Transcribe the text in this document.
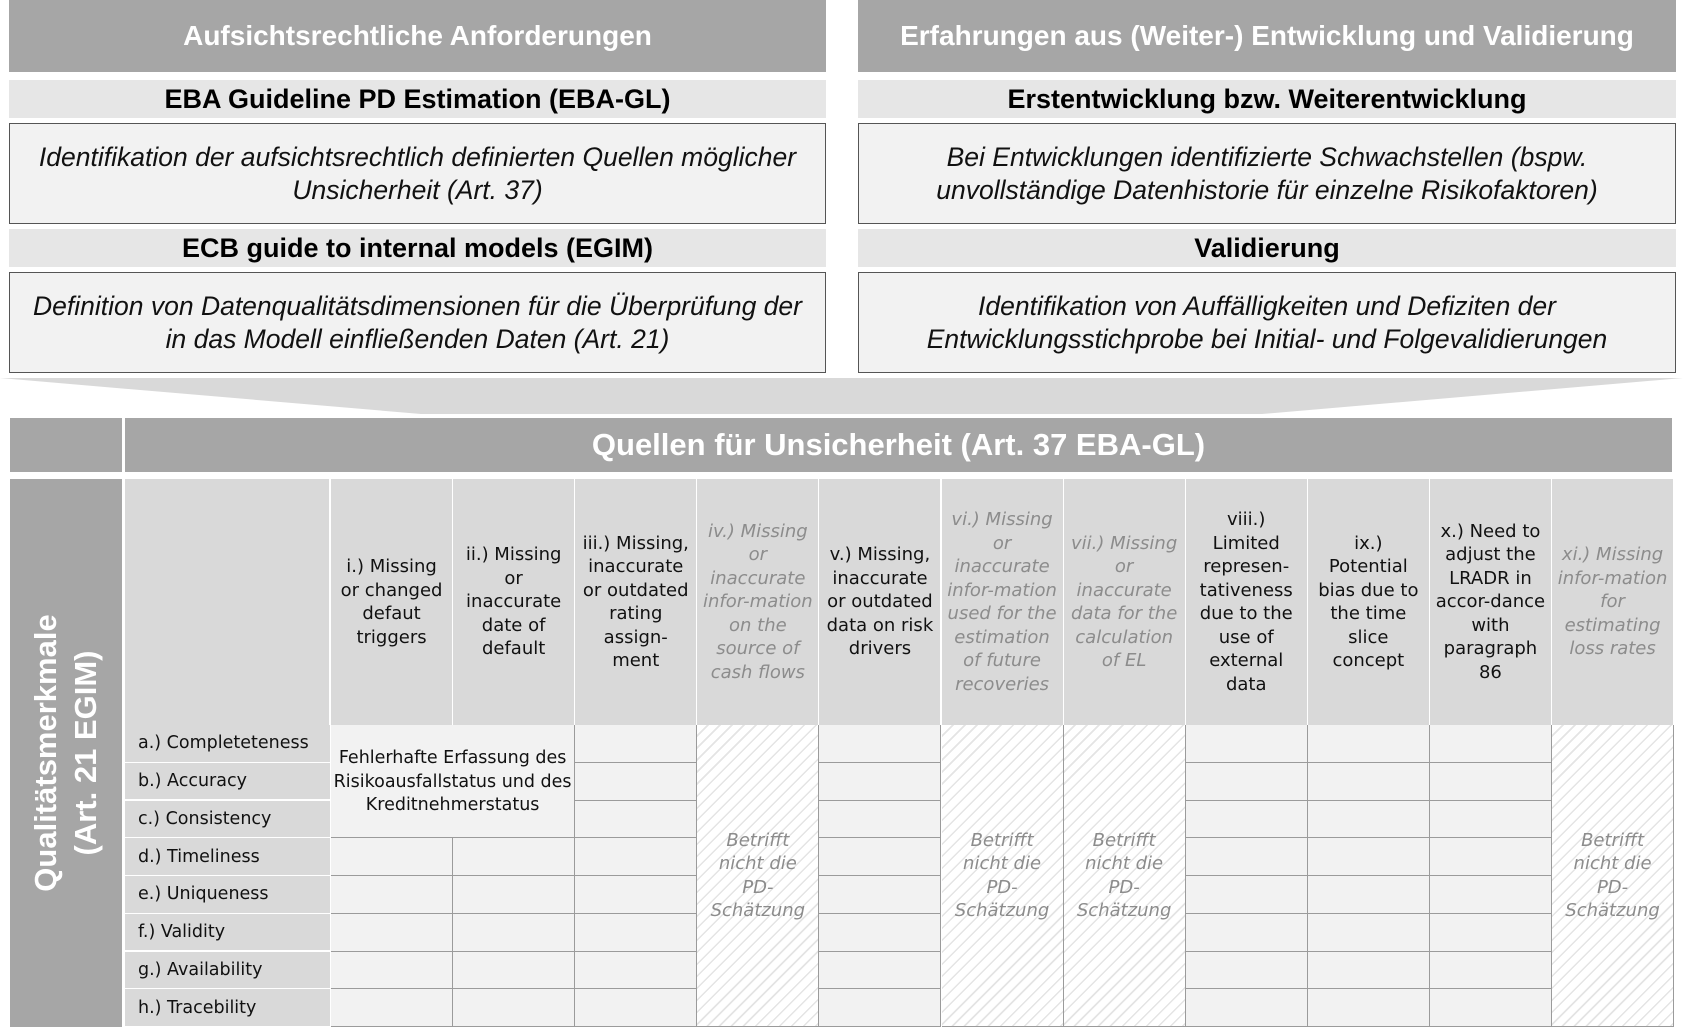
Aufsichtsrechtliche Anforderungen
EBA Guideline PD Estimation (EBA-GL)
Identifikation der aufsichtsrechtlich definierten Quellen möglicher Unsicherheit (Art. 37)
ECB guide to internal models (EGIM)
Definition von Datenqualitätsdimensionen für die Überprüfung der in das Modell einfließenden Daten (Art. 21)
Erfahrungen aus (Weiter-) Entwicklung und Validierung
Erstentwicklung bzw. Weiterentwicklung
Bei Entwicklungen identifizierte Schwachstellen (bspw. unvollständige Datenhistorie für einzelne Risikofaktoren)
Validierung
Identifikation von Auffälligkeiten und Defiziten der Entwicklungsstichprobe bei Initial- und Folgevalidierungen
Quellen für Unsicherheit (Art. 37 EBA-GL)
Qualitätsmerkmale (Art. 21 EGIM)
i.) Missing or changed defaut triggers
ii.) Missing or inaccurate date of default
iii.) Missing, inaccurate or outdated rating assign-ment
iv.) Missing or inaccurate infor-mation on the source of cash flows
v.) Missing, inaccurate or outdated data on risk drivers
vi.) Missing or inaccurate infor-mation used for the estimation of future recoveries
vii.) Missing or inaccurate data for the calculation of EL
viii.) Limited represen-tativeness due to the use of external data
ix.) Potential bias due to the time slice concept
x.) Need to adjust the LRADR in accor-dance with paragraph 86
xi.) Missing infor-mation for estimating loss rates
a.) Completeteness
b.) Accuracy
c.) Consistency
d.) Timeliness
e.) Uniqueness
f.) Validity
g.) Availability
h.) Tracebility
Fehlerhafte Erfassung des Risikoausfallstatus und des Kreditnehmerstatus
Betrifft nicht die PD-Schätzung
Betrifft nicht die PD-Schätzung
Betrifft nicht die PD-Schätzung
Betrifft nicht die PD-Schätzung
